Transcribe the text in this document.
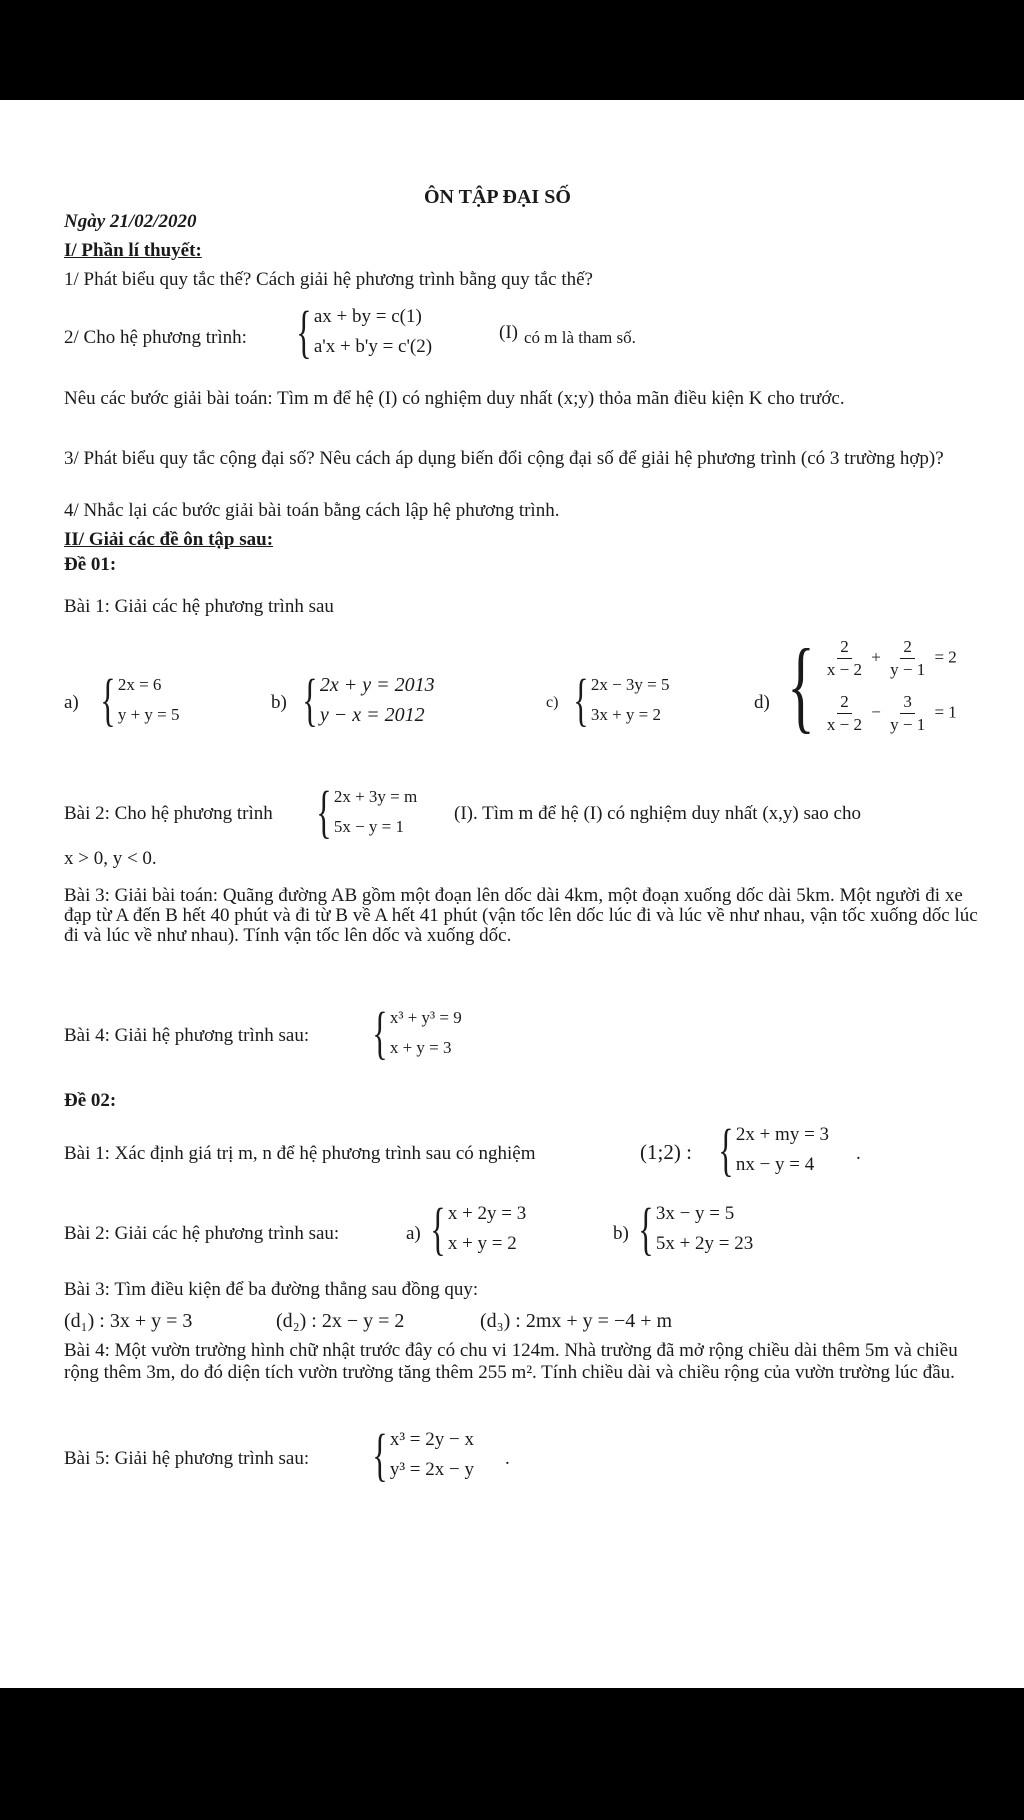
ÔN TẬP ĐẠI SỐ
Ngày 21/02/2020
I/ Phần lí thuyết:
1/ Phát biểu quy tắc thế? Cách giải hệ phương trình bằng quy tắc thế?
2/ Cho hệ phương trình: { ax + by = c(1)
a'x + b'y = c'(2)
(I) có m là tham số.
Nêu các bước giải bài toán: Tìm m để hệ (I) có nghiệm duy nhất (x;y) thỏa mãn điều kiện K cho trước.
3/ Phát biểu quy tắc cộng đại số? Nêu cách áp dụng biến đổi cộng đại số để giải hệ phương trình (có 3 trường hợp)?
4/ Nhắc lại các bước giải bài toán bằng cách lập hệ phương trình.
II/ Giải các đề ôn tập sau:
Đề 01:
Bài 1: Giải các hệ phương trình sau
a) { 2x = 6
y + y = 5
b) { 2x + y = 2013
y − x = 2012
c) { 2x − 3y = 5
3x + y = 2
d) { $\frac{2}{x - 2} + \frac{2}{y - 1} = 2$
$\frac{2}{x - 2} - \frac{3}{y - 1} = 1$
Bài 2: Cho hệ phương trình { 2x + 3y = m
5x − y = 1
(I). Tìm m để hệ (I) có nghiệm duy nhất (x,y) sao cho
x > 0, y < 0.
Bài 3: Giải bài toán: Quãng đường AB gồm một đoạn lên dốc dài 4km, một đoạn xuống dốc dài 5km. Một người đi xe đạp từ A đến B hết 40 phút và đi từ B về A hết 41 phút (vận tốc lên dốc lúc đi và lúc về như nhau, vận tốc xuống dốc lúc đi và lúc về như nhau). Tính vận tốc lên dốc và xuống dốc.
Bài 4: Giải hệ phương trình sau: { x³ + y³ = 9
x + y = 3
Đề 02:
Bài 1: Xác định giá trị m, n để hệ phương trình sau có nghiệm	(1;2) : { 2x + my = 3
nx − y = 4
.
Bài 2: Giải các hệ phương trình sau:	a) { x + 2y = 3
x + y = 2	b) { 3x − y = 5
5x + 2y = 23
Bài 3: Tìm điều kiện để ba đường thẳng sau đồng quy:
(d₁) : 3x + y = 3	(d₂) : 2x − y = 2	(d₃) : 2mx + y = −4 + m
Bài 4: Một vườn trường hình chữ nhật trước đây có chu vi 124m. Nhà trường đã mở rộng chiều dài thêm 5m và chiều rộng thêm 3m, do đó diện tích vườn trường tăng thêm 255 m². Tính chiều dài và chiều rộng của vườn trường lúc đầu.
Bài 5: Giải hệ phương trình sau: { x³ = 2y − x
y³ = 2x − y
.
